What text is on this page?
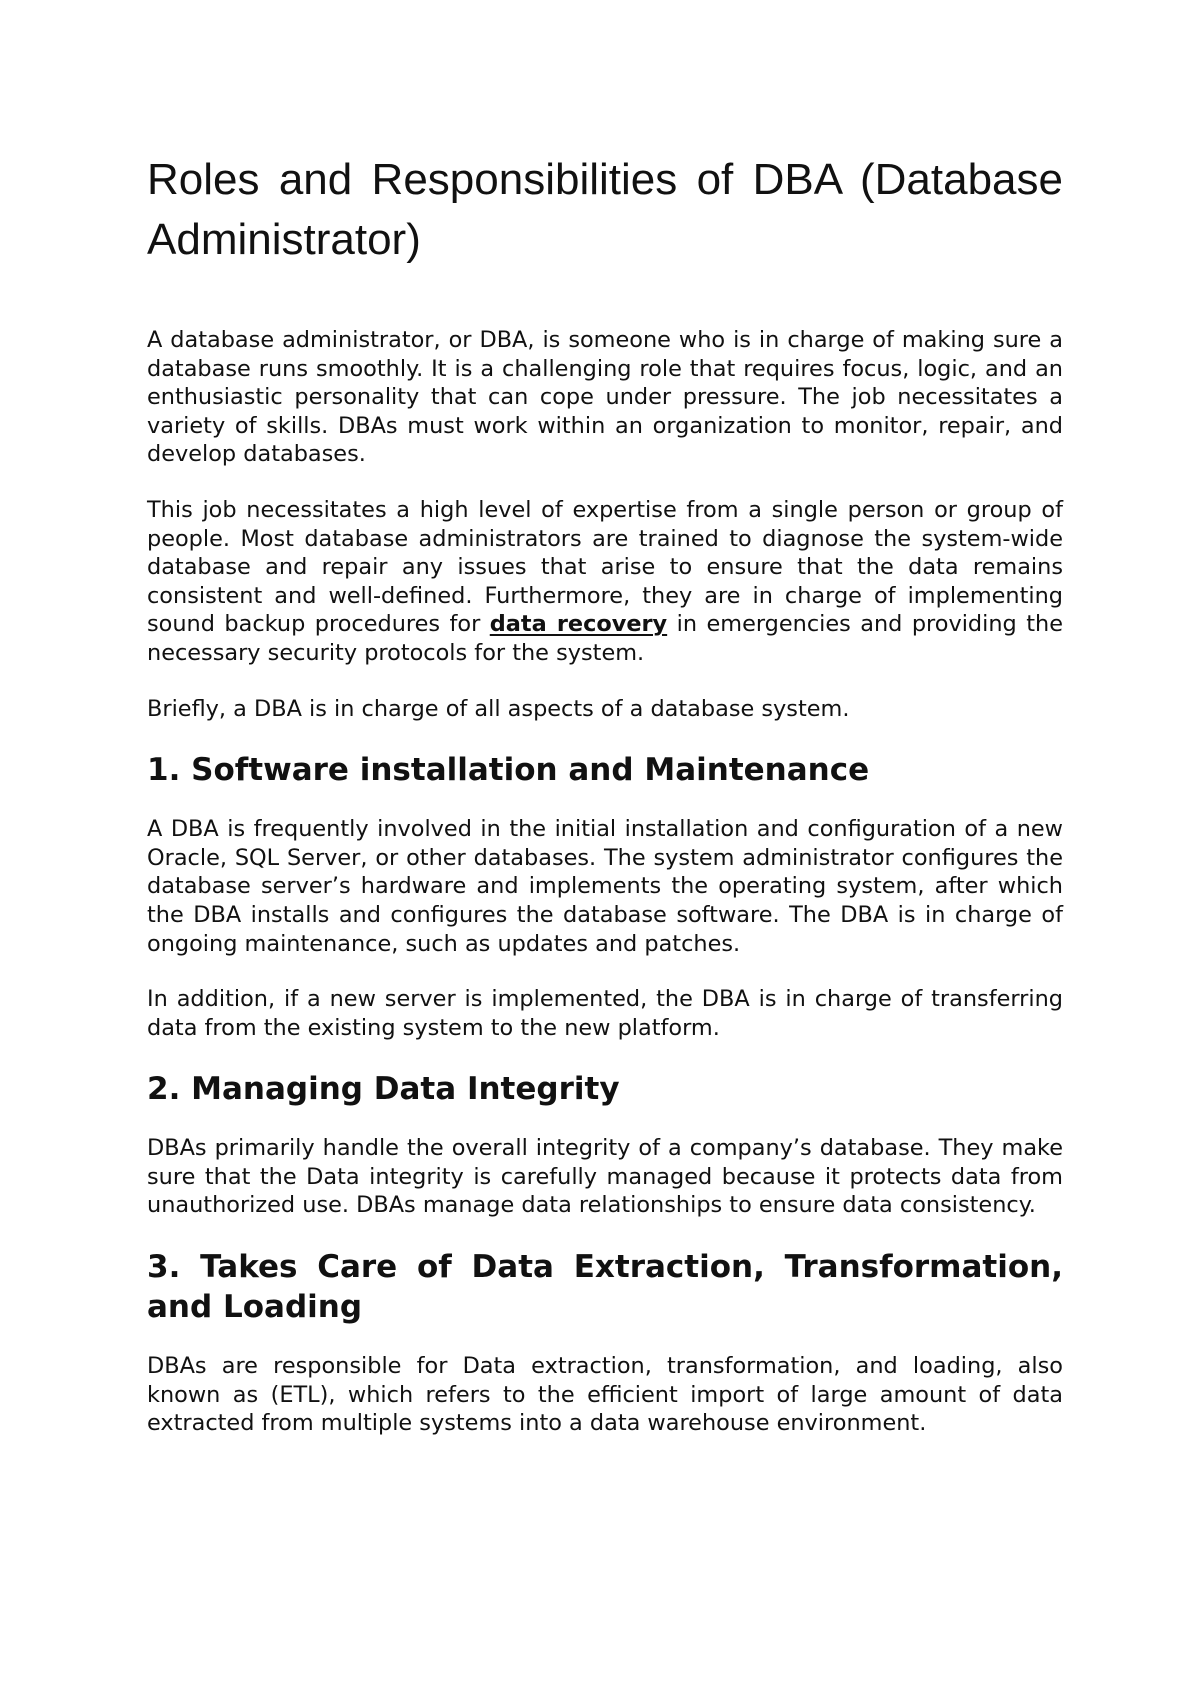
Roles and Responsibilities of DBA (Database Administrator)

A database administrator, or DBA, is someone who is in charge of making sure a database runs smoothly. It is a challenging role that requires focus, logic, and an enthusiastic personality that can cope under pressure. The job necessitates a variety of skills. DBAs must work within an organization to monitor, repair, and develop databases.

This job necessitates a high level of expertise from a single person or group of people. Most database administrators are trained to diagnose the system-wide database and repair any issues that arise to ensure that the data remains consistent and well-defined. Furthermore, they are in charge of implementing sound backup procedures for data recovery in emergencies and providing the necessary security protocols for the system.

Briefly, a DBA is in charge of all aspects of a database system.

1. Software installation and Maintenance

A DBA is frequently involved in the initial installation and configuration of a new Oracle, SQL Server, or other databases. The system administrator configures the database server’s hardware and implements the operating system, after which the DBA installs and configures the database software. The DBA is in charge of ongoing maintenance, such as updates and patches.

In addition, if a new server is implemented, the DBA is in charge of transferring data from the existing system to the new platform.

2. Managing Data Integrity

DBAs primarily handle the overall integrity of a company’s database. They make sure that the Data integrity is carefully managed because it protects data from unauthorized use. DBAs manage data relationships to ensure data consistency.

3. Takes Care of Data Extraction, Transformation, and Loading

DBAs are responsible for Data extraction, transformation, and loading, also known as (ETL), which refers to the efficient import of large amount of data extracted from multiple systems into a data warehouse environment.
